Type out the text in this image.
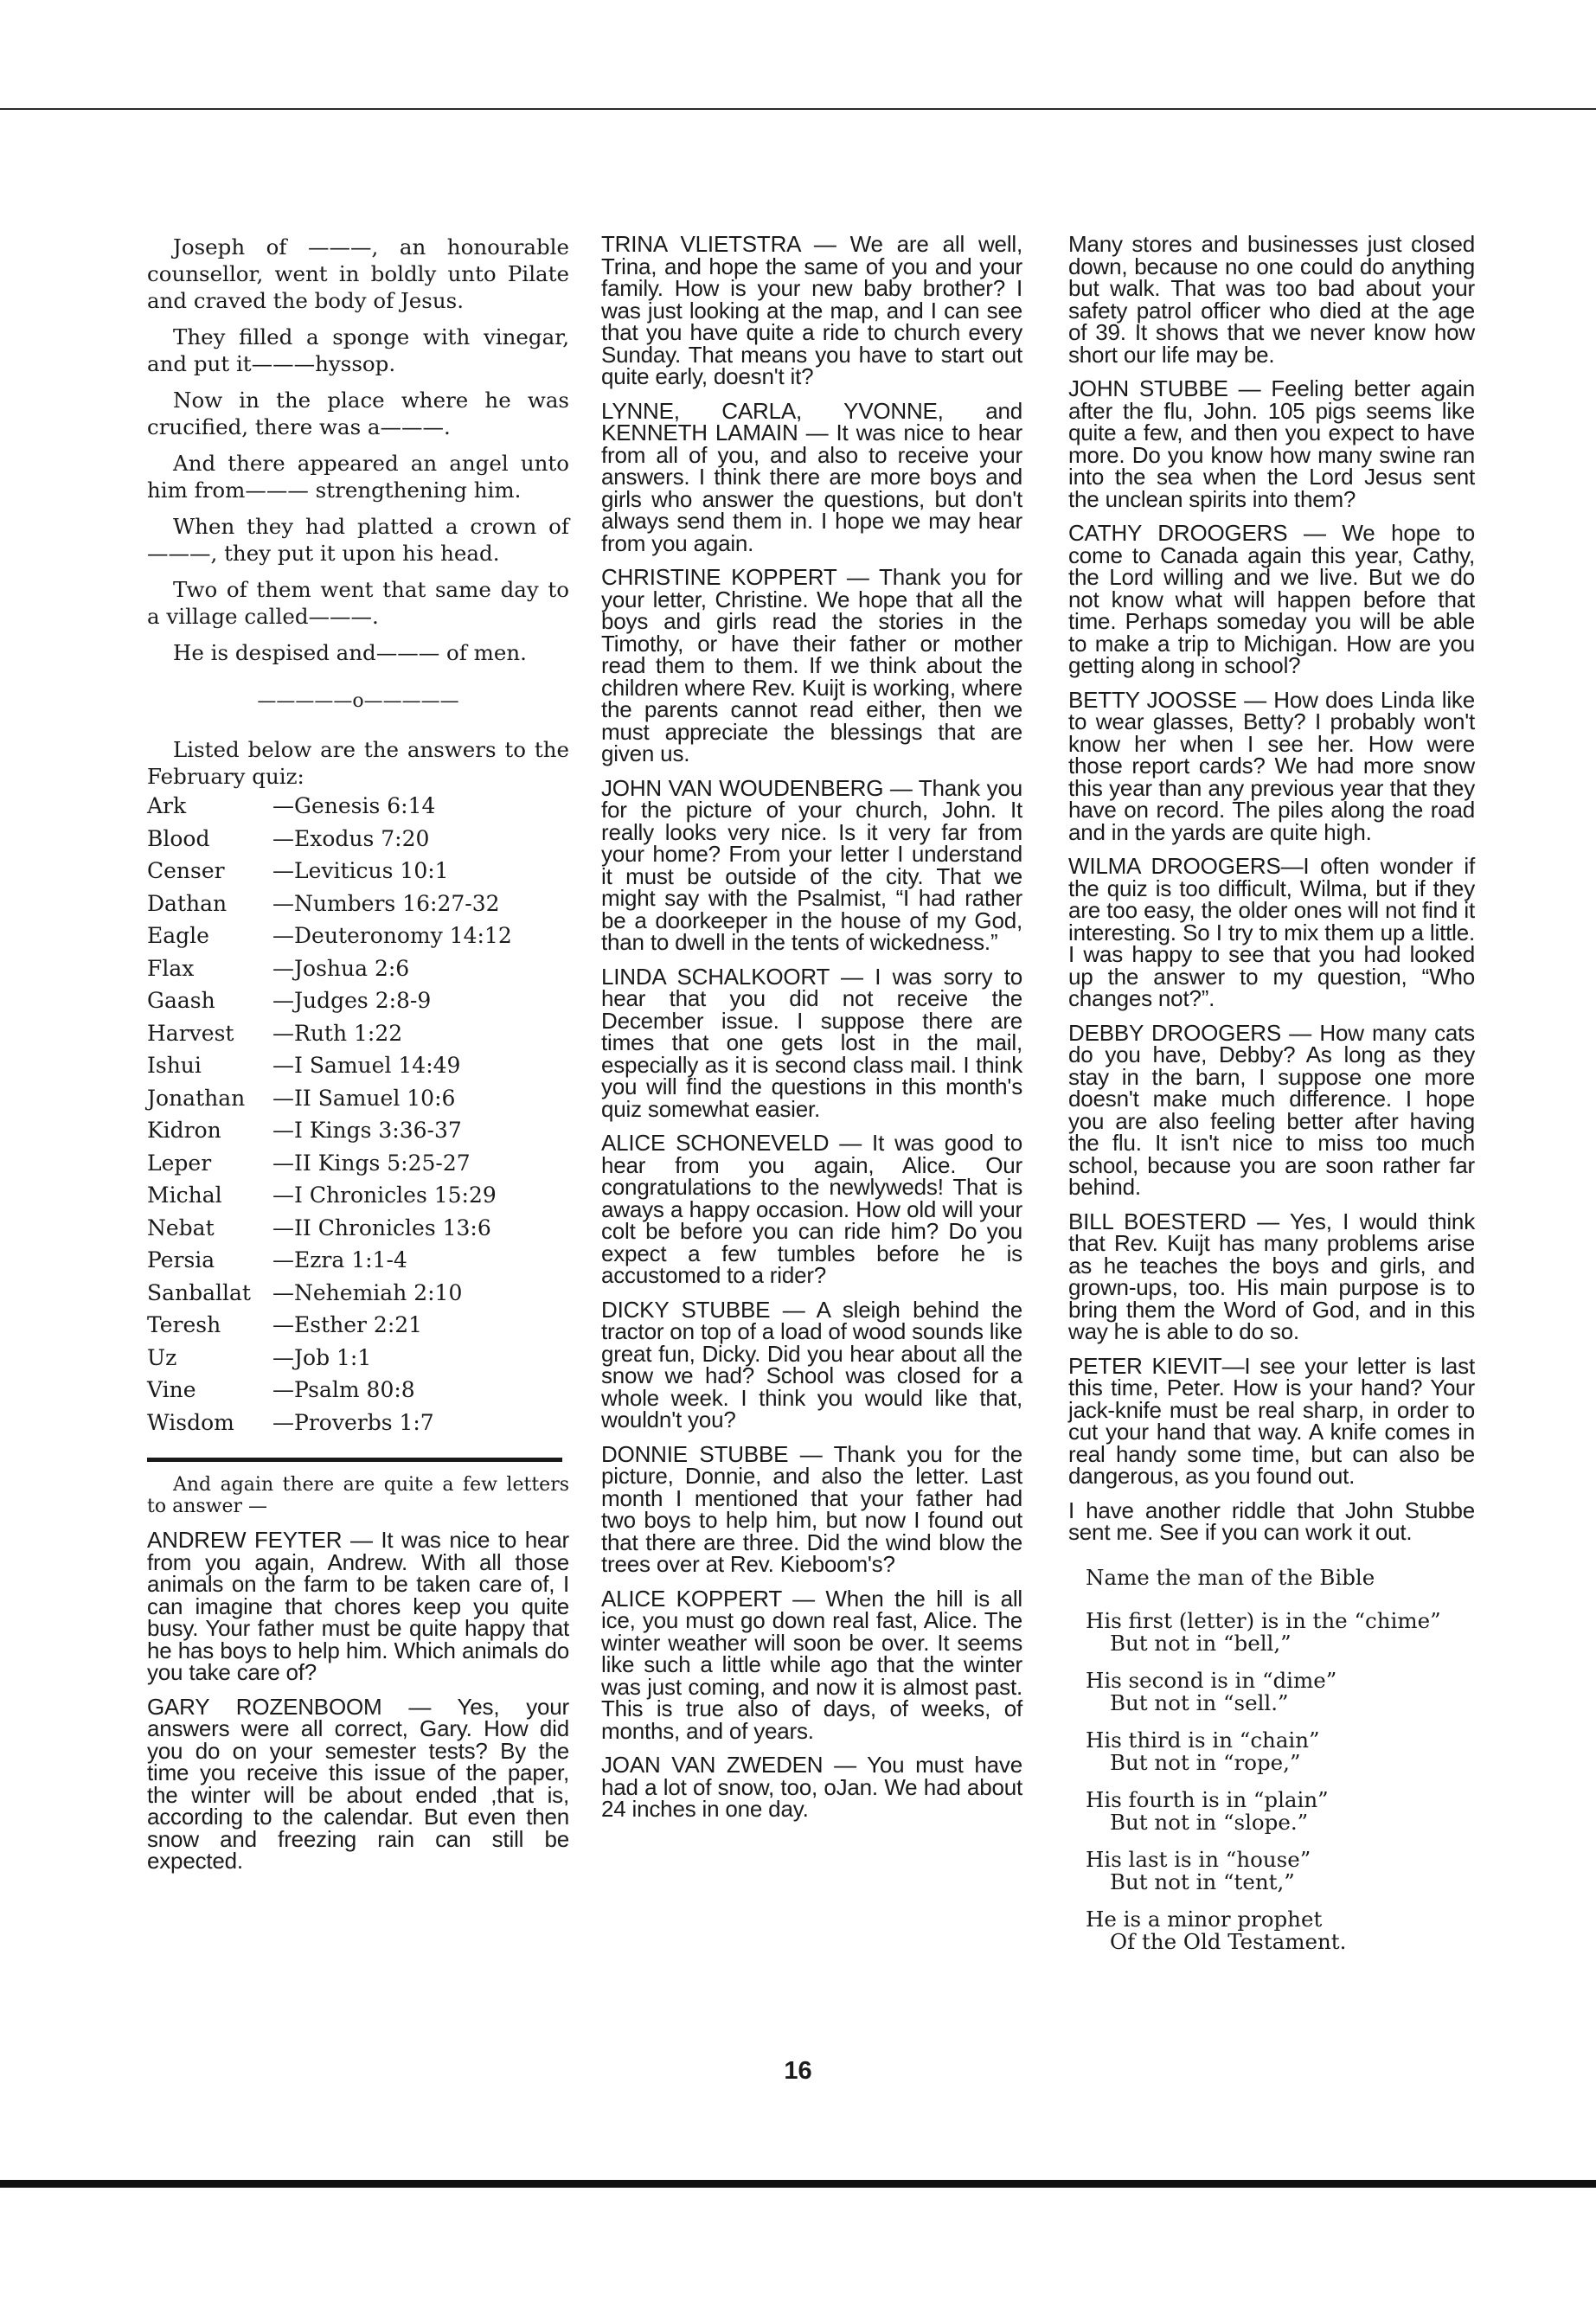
Joseph of ———, an honourable counsellor, went in boldly unto Pilate and craved the body of Jesus.

They filled a sponge with vinegar, and put it———hyssop.

Now in the place where he was crucified, there was a———.

And there appeared an angel unto him from——— strengthening him.

When they had platted a crown of———, they put it upon his head.

Two of them went that same day to a village called———.

He is despised and——— of men.

—————o—————

Listed below are the answers to the February quiz:

Ark	—Genesis 6:14
Blood	—Exodus 7:20
Censer	—Leviticus 10:1
Dathan	—Numbers 16:27-32
Eagle	—Deuteronomy 14:12
Flax	—Joshua 2:6
Gaash	—Judges 2:8-9
Harvest	—Ruth 1:22
Ishui	—I Samuel 14:49
Jonathan	—II Samuel 10:6
Kidron	—I Kings 3:36-37
Leper	—II Kings 5:25-27
Michal	—I Chronicles 15:29
Nebat	—II Chronicles 13:6
Persia	—Ezra 1:1-4
Sanballat	—Nehemiah 2:10
Teresh	—Esther 2:21
Uz	—Job 1:1
Vine	—Psalm 80:8
Wisdom	—Proverbs 1:7

And again there are quite a few letters to answer —

ANDREW FEYTER — It was nice to hear from you again, Andrew. With all those animals on the farm to be taken care of, I can imagine that chores keep you quite busy. Your father must be quite happy that he has boys to help him. Which animals do you take care of?

GARY ROZENBOOM — Yes, your answers were all correct, Gary. How did you do on your semester tests? By the time you receive this issue of the paper, the winter will be about ended ,that is, according to the calendar. But even then snow and freezing rain can still be expected.

TRINA VLIETSTRA — We are all well, Trina, and hope the same of you and your family. How is your new baby brother? I was just looking at the map, and I can see that you have quite a ride to church every Sunday. That means you have to start out quite early, doesn't it?

LYNNE, CARLA, YVONNE, and KENNETH LAMAIN — It was nice to hear from all of you, and also to receive your answers. I think there are more boys and girls who answer the questions, but don't always send them in. I hope we may hear from you again.

CHRISTINE KOPPERT — Thank you for your letter, Christine. We hope that all the boys and girls read the stories in the Timothy, or have their father or mother read them to them. If we think about the children where Rev. Kuijt is working, where the parents cannot read either, then we must appreciate the blessings that are given us.

JOHN VAN WOUDENBERG — Thank you for the picture of your church, John. It really looks very nice. Is it very far from your home? From your letter I understand it must be outside of the city. That we might say with the Psalmist, “I had rather be a doorkeeper in the house of my God, than to dwell in the tents of wickedness.”

LINDA SCHALKOORT — I was sorry to hear that you did not receive the December issue. I suppose there are times that one gets lost in the mail, especially as it is second class mail. I think you will find the questions in this month's quiz somewhat easier.

ALICE SCHONEVELD — It was good to hear from you again, Alice. Our congratulations to the newlyweds! That is aways a happy occasion. How old will your colt be before you can ride him? Do you expect a few tumbles before he is accustomed to a rider?

DICKY STUBBE — A sleigh behind the tractor on top of a load of wood sounds like great fun, Dicky. Did you hear about all the snow we had? School was closed for a whole week. I think you would like that, wouldn't you?

DONNIE STUBBE — Thank you for the picture, Donnie, and also the letter. Last month I mentioned that your father had two boys to help him, but now I found out that there are three. Did the wind blow the trees over at Rev. Kieboom's?

ALICE KOPPERT — When the hill is all ice, you must go down real fast, Alice. The winter weather will soon be over. It seems like such a little while ago that the winter was just coming, and now it is almost past. This is true also of days, of weeks, of months, and of years.

JOAN VAN ZWEDEN — You must have had a lot of snow, too, oJan. We had about 24 inches in one day.

Many stores and businesses just closed down, because no one could do anything but walk. That was too bad about your safety patrol officer who died at the age of 39. It shows that we never know how short our life may be.

JOHN STUBBE — Feeling better again after the flu, John. 105 pigs seems like quite a few, and then you expect to have more. Do you know how many swine ran into the sea when the Lord Jesus sent the unclean spirits into them?

CATHY DROOGERS — We hope to come to Canada again this year, Cathy, the Lord willing and we live. But we do not know what will happen before that time. Perhaps someday you will be able to make a trip to Michigan. How are you getting along in school?

BETTY JOOSSE — How does Linda like to wear glasses, Betty? I probably won't know her when I see her. How were those report cards? We had more snow this year than any previous year that they have on record. The piles along the road and in the yards are quite high.

WILMA DROOGERS—I often wonder if the quiz is too difficult, Wilma, but if they are too easy, the older ones will not find it interesting. So I try to mix them up a little. I was happy to see that you had looked up the answer to my question, “Who changes not?”.

DEBBY DROOGERS — How many cats do you have, Debby? As long as they stay in the barn, I suppose one more doesn't make much difference. I hope you are also feeling better after having the flu. It isn't nice to miss too much school, because you are soon rather far behind.

BILL BOESTERD — Yes, I would think that Rev. Kuijt has many problems arise as he teaches the boys and girls, and grown-ups, too. His main purpose is to bring them the Word of God, and in this way he is able to do so.

PETER KIEVIT—I see your letter is last this time, Peter. How is your hand? Your jack-knife must be real sharp, in order to cut your hand that way. A knife comes in real handy some time, but can also be dangerous, as you found out.

I have another riddle that John Stubbe sent me. See if you can work it out.

Name the man of the Bible

His first (letter) is in the “chime”
But not in “bell,”
His second is in “dime”
But not in “sell.”
His third is in “chain”
But not in “rope,”
His fourth is in “plain”
But not in “slope.”
His last is in “house”
But not in “tent,”
He is a minor prophet
Of the Old Testament.
16
